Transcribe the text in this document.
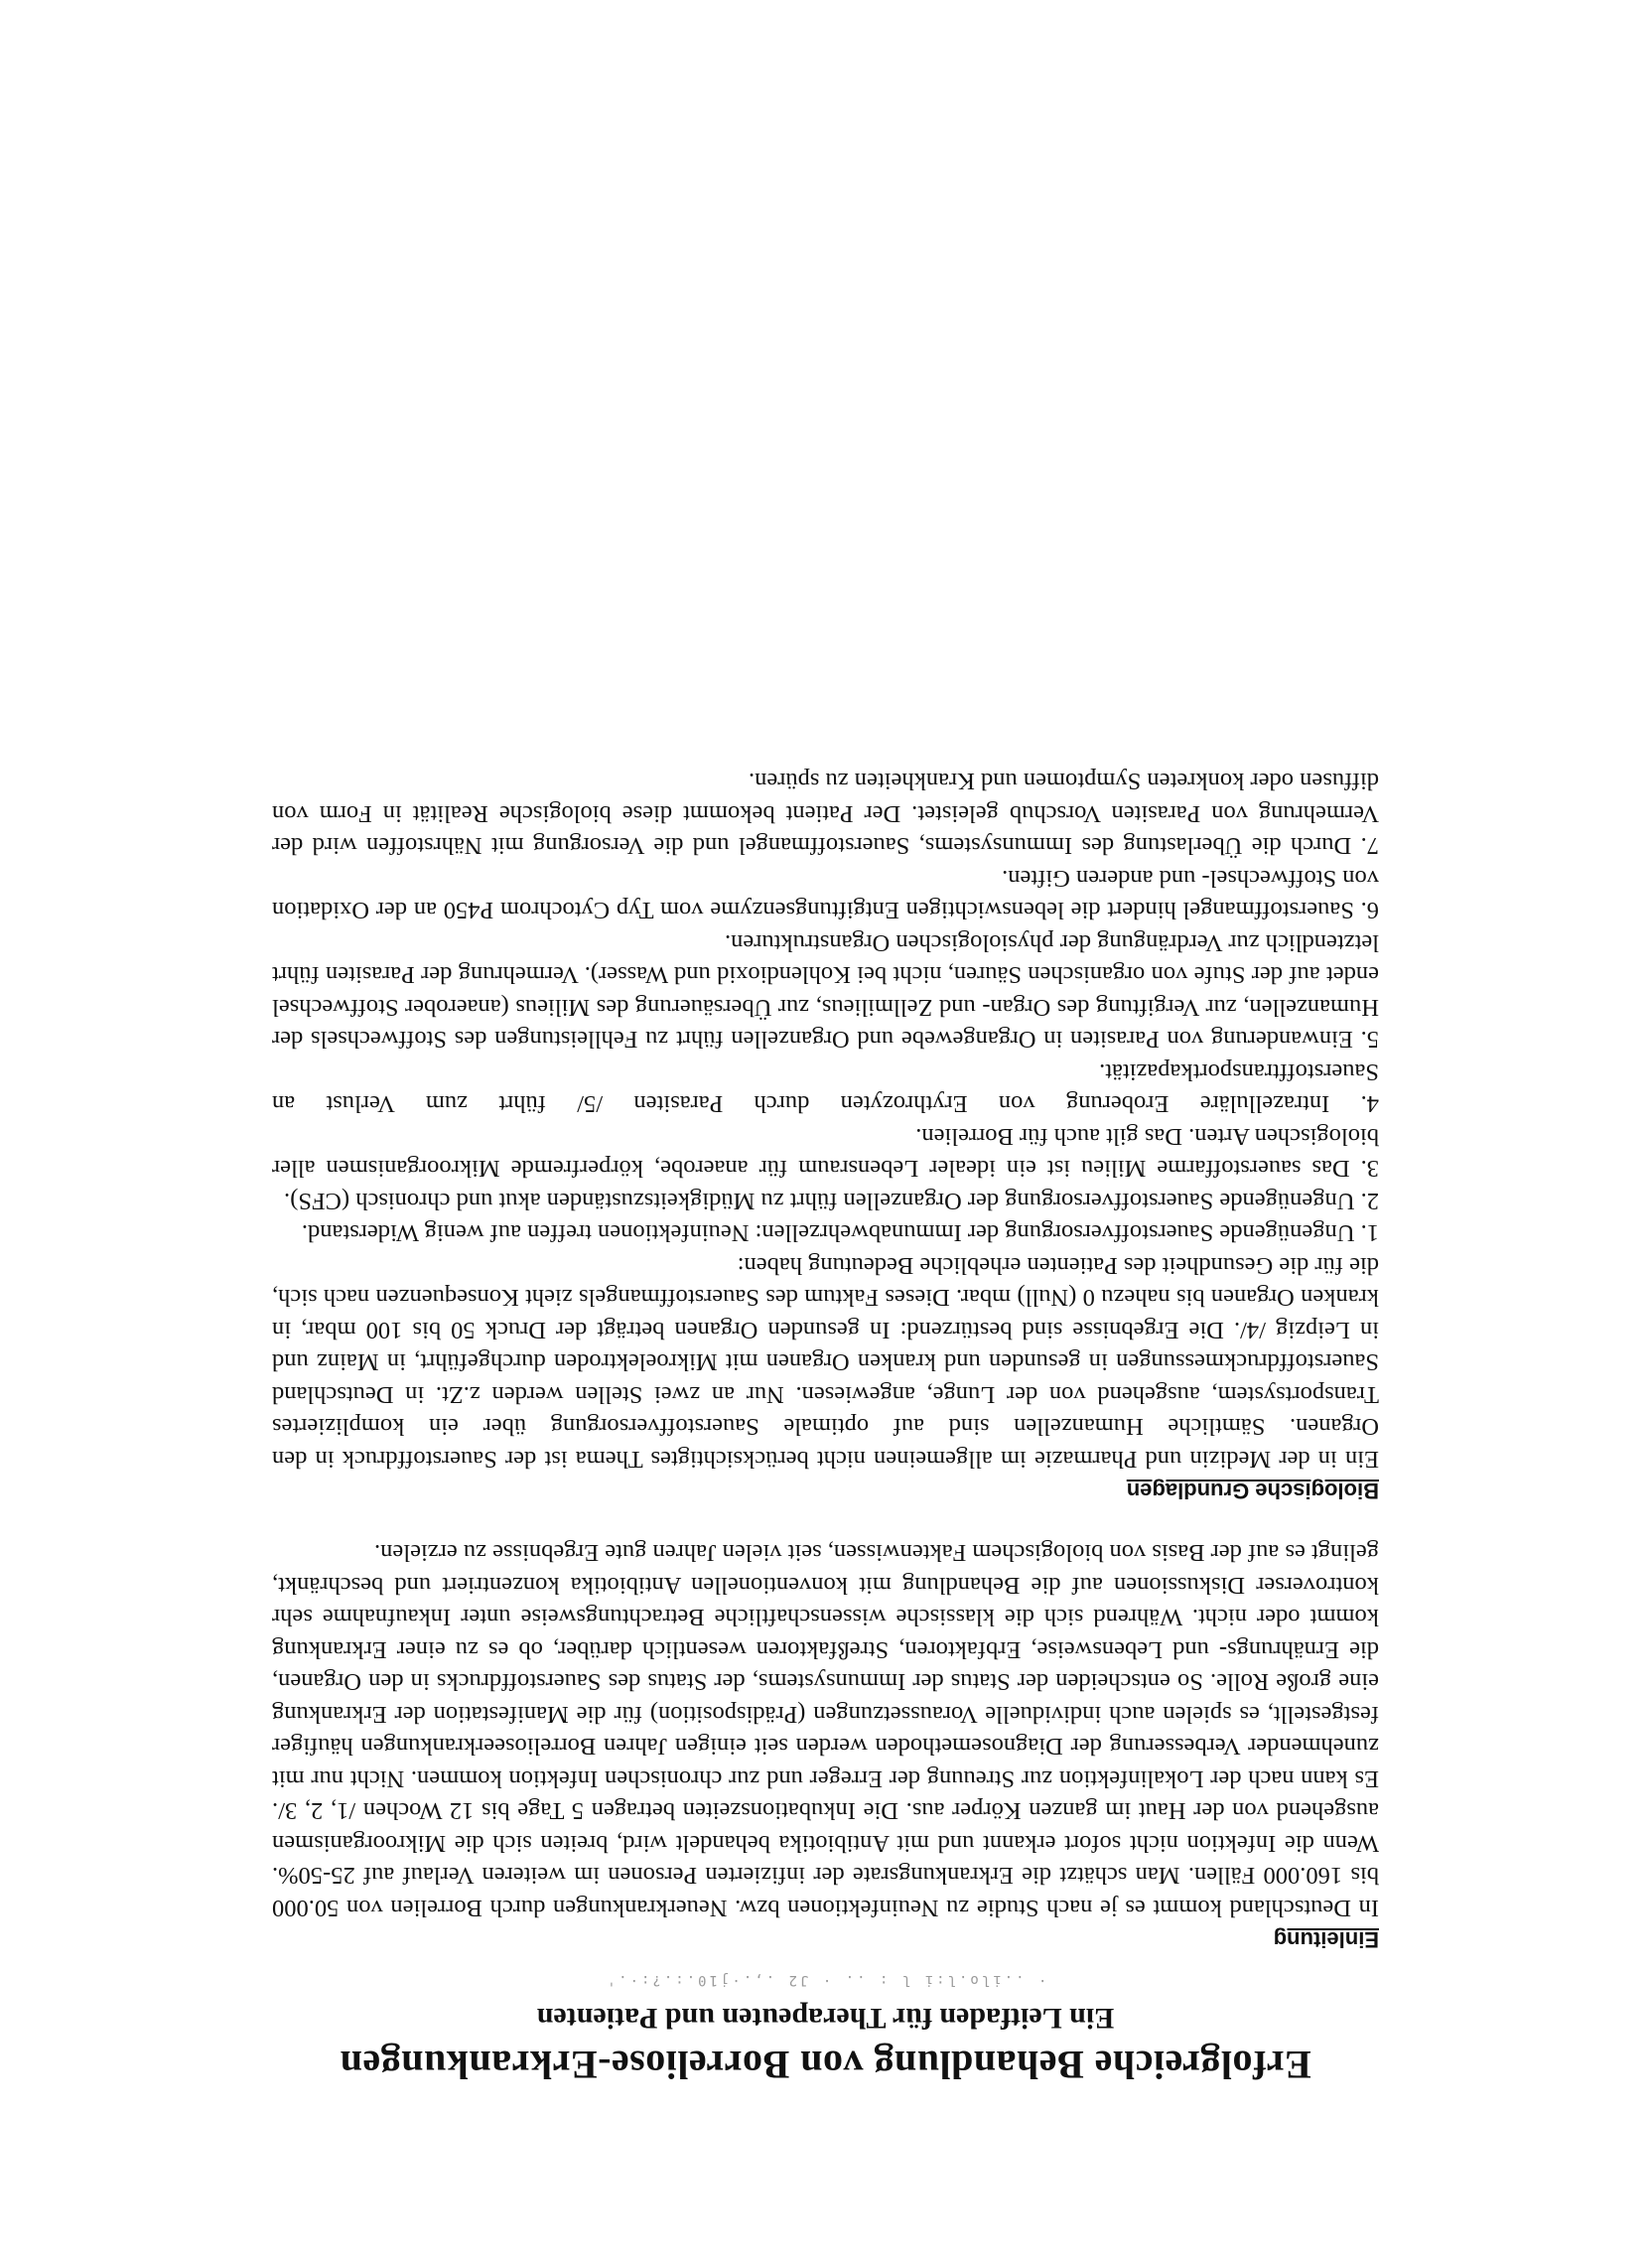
Erfolgreiche Behandlung von Borreliose-Erkrankungen
Ein Leitfaden für Therapeuten und Patienten
· ..ilo.l:i l : .. · J2 .,.·j10.:.?:·.'
Einleitung

In Deutschland kommt es je nach Studie zu Neuinfektionen bzw. Neuerkrankungen durch Borrelien von 50.000 bis 160.000 Fällen. Man schätzt die Erkrankungsrate der infizierten Personen im weiteren Verlauf auf 25-50%. Wenn die Infektion nicht sofort erkannt und mit Antibiotika behandelt wird, breiten sich die Mikroorganismen ausgehend von der Haut im ganzen Körper aus. Die Inkubationszeiten betragen 5 Tage bis 12 Wochen /1, 2, 3/. Es kann nach der Lokalinfektion zur Streuung der Erreger und zur chronischen Infektion kommen. Nicht nur mit zunehmender Verbesserung der Diagnosemethoden werden seit einigen Jahren Borrelioseerkrankungen häufiger festgestellt, es spielen auch individuelle Voraussetzungen (Prädisposition) für die Manifestation der Erkrankung eine große Rolle. So entscheiden der Status der Immunsystems, der Status des Sauerstoffdrucks in den Organen, die Ernährungs- und Lebensweise, Erbfaktoren, Streßfaktoren wesentlich darüber, ob es zu einer Erkrankung kommt oder nicht. Während sich die klassische wissenschaftliche Betrachtungsweise unter Inkaufnahme sehr kontroverser Diskussionen auf die Behandlung mit konventionellen Antibiotika konzentriert und beschränkt, gelingt es auf der Basis von biologischem Faktenwissen, seit vielen Jahren gute Ergebnisse zu erzielen.

Biologische Grundlagen

Ein in der Medizin und Pharmazie im allgemeinen nicht berücksichtigtes Thema ist der Sauerstoffdruck in den Organen. Sämtliche Humanzellen sind auf optimale Sauerstoffversorgung über ein kompliziertes Transportsystem, ausgehend von der Lunge, angewiesen. Nur an zwei Stellen werden z.Zt. in Deutschland Sauerstoffdruckmessungen in gesunden und kranken Organen mit Mikroelektroden durchgeführt, in Mainz und in Leipzig /4/. Die Ergebnisse sind bestürzend: In gesunden Organen beträgt der Druck 50 bis 100 mbar, in kranken Organen bis nahezu 0 (Null) mbar. Dieses Faktum des Sauerstoffmangels zieht Konsequenzen nach sich, die für die Gesundheit des Patienten erhebliche Bedeutung haben:

1. Ungenügende Sauerstoffversorgung der Immunabwehrzellen: Neuinfektionen treffen auf wenig Widerstand.
2. Ungenügende Sauerstoffversorgung der Organzellen führt zu Müdigkeitszuständen akut und chronisch (CFS).
3. Das sauerstoffarme Milieu ist ein idealer Lebensraum für anaerobe, körperfremde Mikroorganismen aller biologischen Arten. Das gilt auch für Borrelien.
4. Intrazelluläre Eroberung von Erythrozyten durch Parasiten /5/ führt zum Verlust an Sauerstofftransportkapazität.
5. Einwanderung von Parasiten in Organgewebe und Organzellen führt zu Fehlleistungen des Stoffwechsels der Humanzellen, zur Vergiftung des Organ- und Zellmilieus, zur Übersäuerung des Milieus (anaerober Stoffwechsel endet auf der Stufe von organischen Säuren, nicht bei Kohlendioxid und Wasser). Vermehrung der Parasiten führt letztendlich zur Verdrängung der physiologischen Organstrukturen.
6. Sauerstoffmangel hindert die lebenswichtigen Entgiftungsenzyme vom Typ Cytochrom P450 an der Oxidation von Stoffwechsel- und anderen Giften.
7. Durch die Überlastung des Immunsystems, Sauerstoffmangel und die Versorgung mit Nährstoffen wird der Vermehrung von Parasiten Vorschub geleistet. Der Patient bekommt diese biologische Realität in Form von diffusen oder konkreten Symptomen und Krankheiten zu spüren.
